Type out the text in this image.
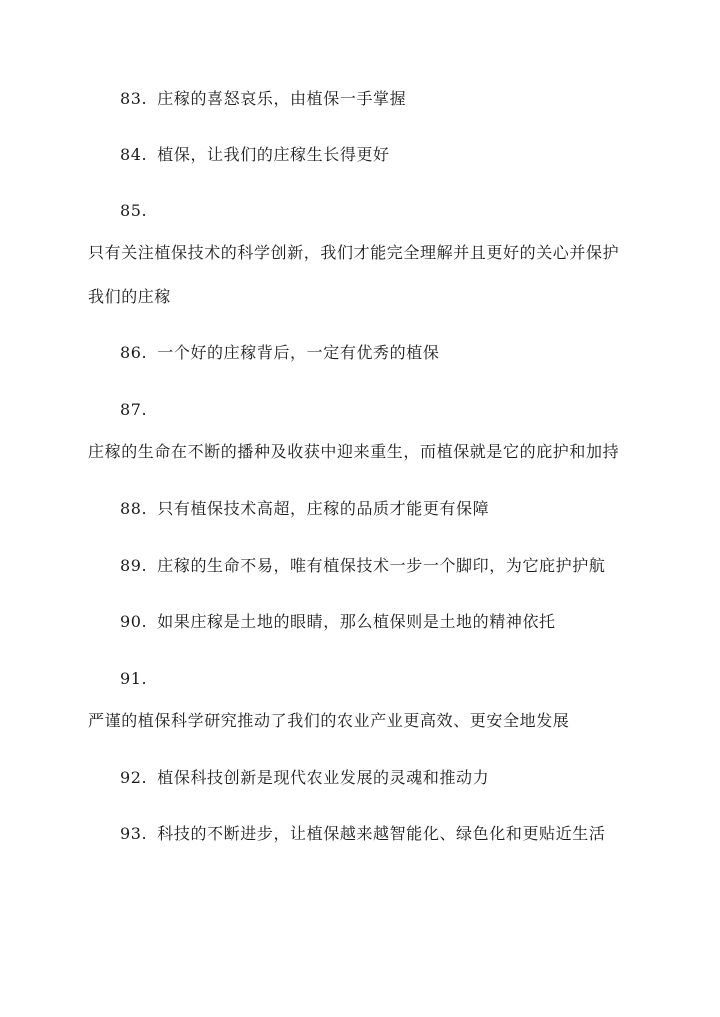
83. 庄稼的喜怒哀乐，由植保一手掌握
84. 植保，让我们的庄稼生长得更好
85.
只有关注植保技术的科学创新，我们才能完全理解并且更好的关心并保护
我们的庄稼
86. 一个好的庄稼背后，一定有优秀的植保
87.
庄稼的生命在不断的播种及收获中迎来重生，而植保就是它的庇护和加持
88. 只有植保技术高超，庄稼的品质才能更有保障
89. 庄稼的生命不易，唯有植保技术一步一个脚印，为它庇护护航
90. 如果庄稼是土地的眼睛，那么植保则是土地的精神依托
91.
严谨的植保科学研究推动了我们的农业产业更高效、更安全地发展
92. 植保科技创新是现代农业发展的灵魂和推动力
93. 科技的不断进步，让植保越来越智能化、绿色化和更贴近生活
